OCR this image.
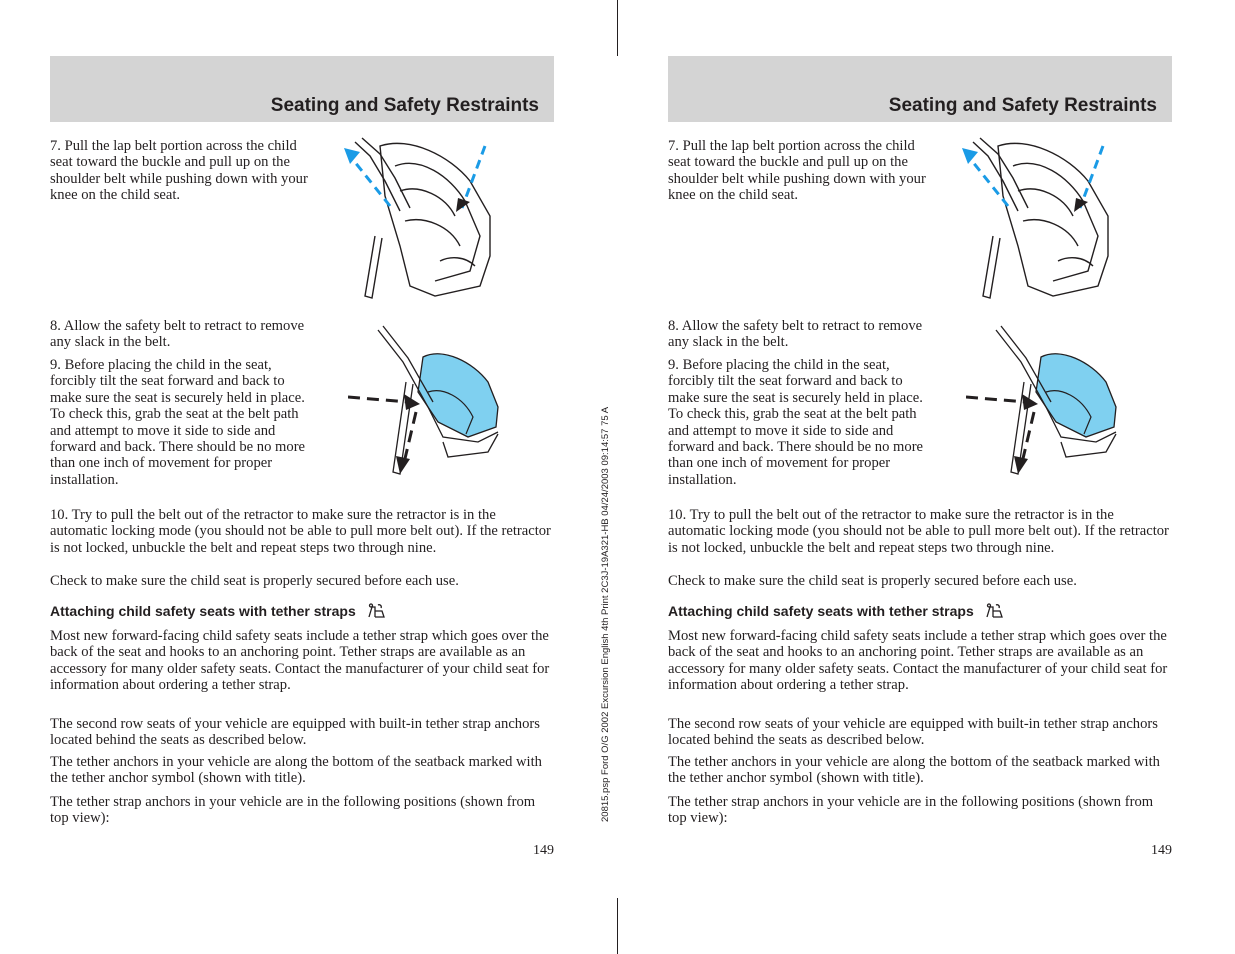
20815.psp Ford O/G 2002 Excursion English 4th Print 2C3J-19A321-HB 04/24/2003 09:14:57 75 A
Seating and Safety Restraints

7. Pull the lap belt portion across the child seat toward the buckle and pull up on the shoulder belt while pushing down with your knee on the child seat.

8. Allow the safety belt to retract to remove any slack in the belt.

9. Before placing the child in the seat, forcibly tilt the seat forward and back to make sure the seat is securely held in place. To check this, grab the seat at the belt path and attempt to move it side to side and forward and back. There should be no more than one inch of movement for proper installation.

10. Try to pull the belt out of the retractor to make sure the retractor is in the automatic locking mode (you should not be able to pull more belt out). If the retractor is not locked, unbuckle the belt and repeat steps two through nine.

Check to make sure the child seat is properly secured before each use.

Attaching child safety seats with tether straps

Most new forward-facing child safety seats include a tether strap which goes over the back of the seat and hooks to an anchoring point. Tether straps are available as an accessory for many older safety seats. Contact the manufacturer of your child seat for information about ordering a tether strap.

The second row seats of your vehicle are equipped with built-in tether strap anchors located behind the seats as described below.

The tether anchors in your vehicle are along the bottom of the seatback marked with the tether anchor symbol (shown with title).

The tether strap anchors in your vehicle are in the following positions (shown from top view):

149
Seating and Safety Restraints

7. Pull the lap belt portion across the child seat toward the buckle and pull up on the shoulder belt while pushing down with your knee on the child seat.

8. Allow the safety belt to retract to remove any slack in the belt.

9. Before placing the child in the seat, forcibly tilt the seat forward and back to make sure the seat is securely held in place. To check this, grab the seat at the belt path and attempt to move it side to side and forward and back. There should be no more than one inch of movement for proper installation.

10. Try to pull the belt out of the retractor to make sure the retractor is in the automatic locking mode (you should not be able to pull more belt out). If the retractor is not locked, unbuckle the belt and repeat steps two through nine.

Check to make sure the child seat is properly secured before each use.

Attaching child safety seats with tether straps

Most new forward-facing child safety seats include a tether strap which goes over the back of the seat and hooks to an anchoring point. Tether straps are available as an accessory for many older safety seats. Contact the manufacturer of your child seat for information about ordering a tether strap.

The second row seats of your vehicle are equipped with built-in tether strap anchors located behind the seats as described below.

The tether anchors in your vehicle are along the bottom of the seatback marked with the tether anchor symbol (shown with title).

The tether strap anchors in your vehicle are in the following positions (shown from top view):

149
